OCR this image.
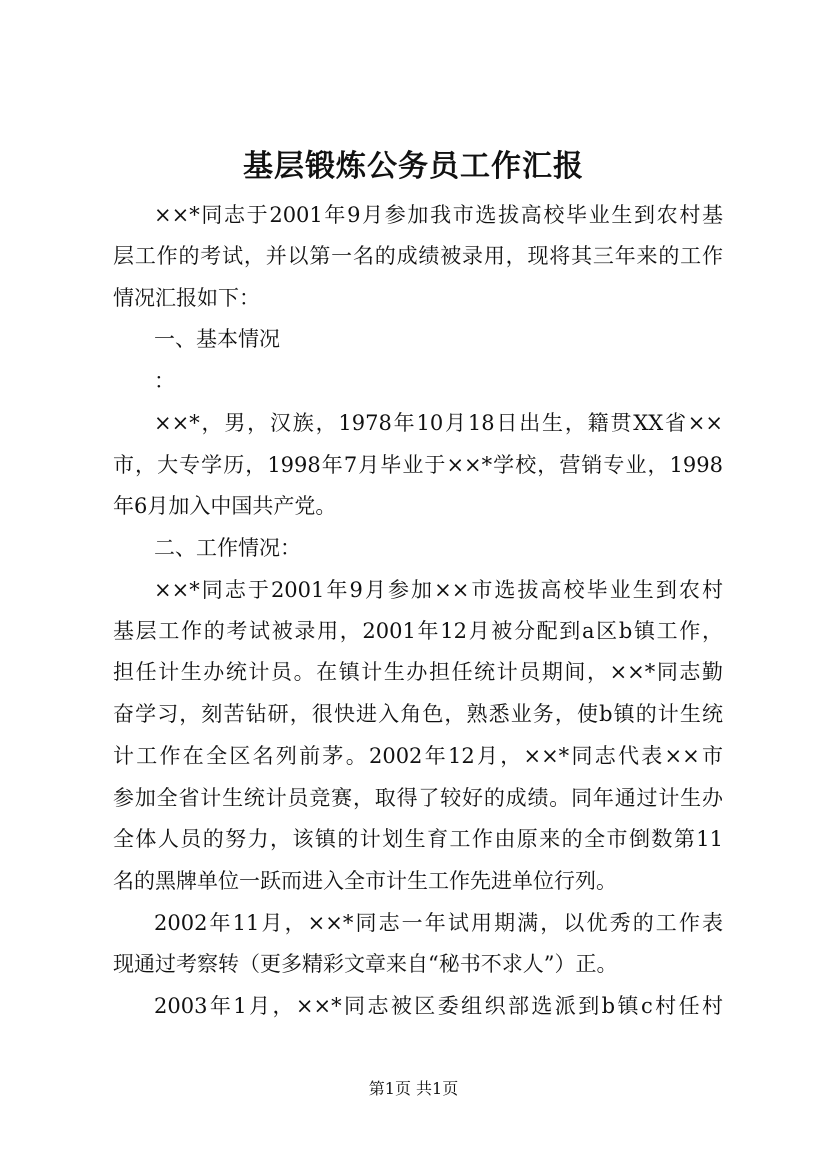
基层锻炼公务员工作汇报
××*同志于2001年9月参加我市选拔高校毕业生到农村基
层工作的考试，并以第一名的成绩被录用，现将其三年来的工作
情况汇报如下：
一、基本情况
：
××*，男，汉族，1978年10月18日出生，籍贯XX省××
市，大专学历，1998年7月毕业于××*学校，营销专业，1998
年6月加入中国共产党。
二、工作情况：
××*同志于2001年9月参加××市选拔高校毕业生到农村
基层工作的考试被录用，2001年12月被分配到a区b镇工作，
担任计生办统计员。在镇计生办担任统计员期间，××*同志勤
奋学习，刻苦钻研，很快进入角色，熟悉业务，使b镇的计生统
计工作在全区名列前茅。2002年12月，××*同志代表××市
参加全省计生统计员竞赛，取得了较好的成绩。同年通过计生办
全体人员的努力，该镇的计划生育工作由原来的全市倒数第11
名的黑牌单位一跃而进入全市计生工作先进单位行列。
2002年11月，××*同志一年试用期满，以优秀的工作表
现通过考察转（更多精彩文章来自“秘书不求人”）正。
2003年1月，××*同志被区委组织部选派到b镇c村任村
第1页 共1页
